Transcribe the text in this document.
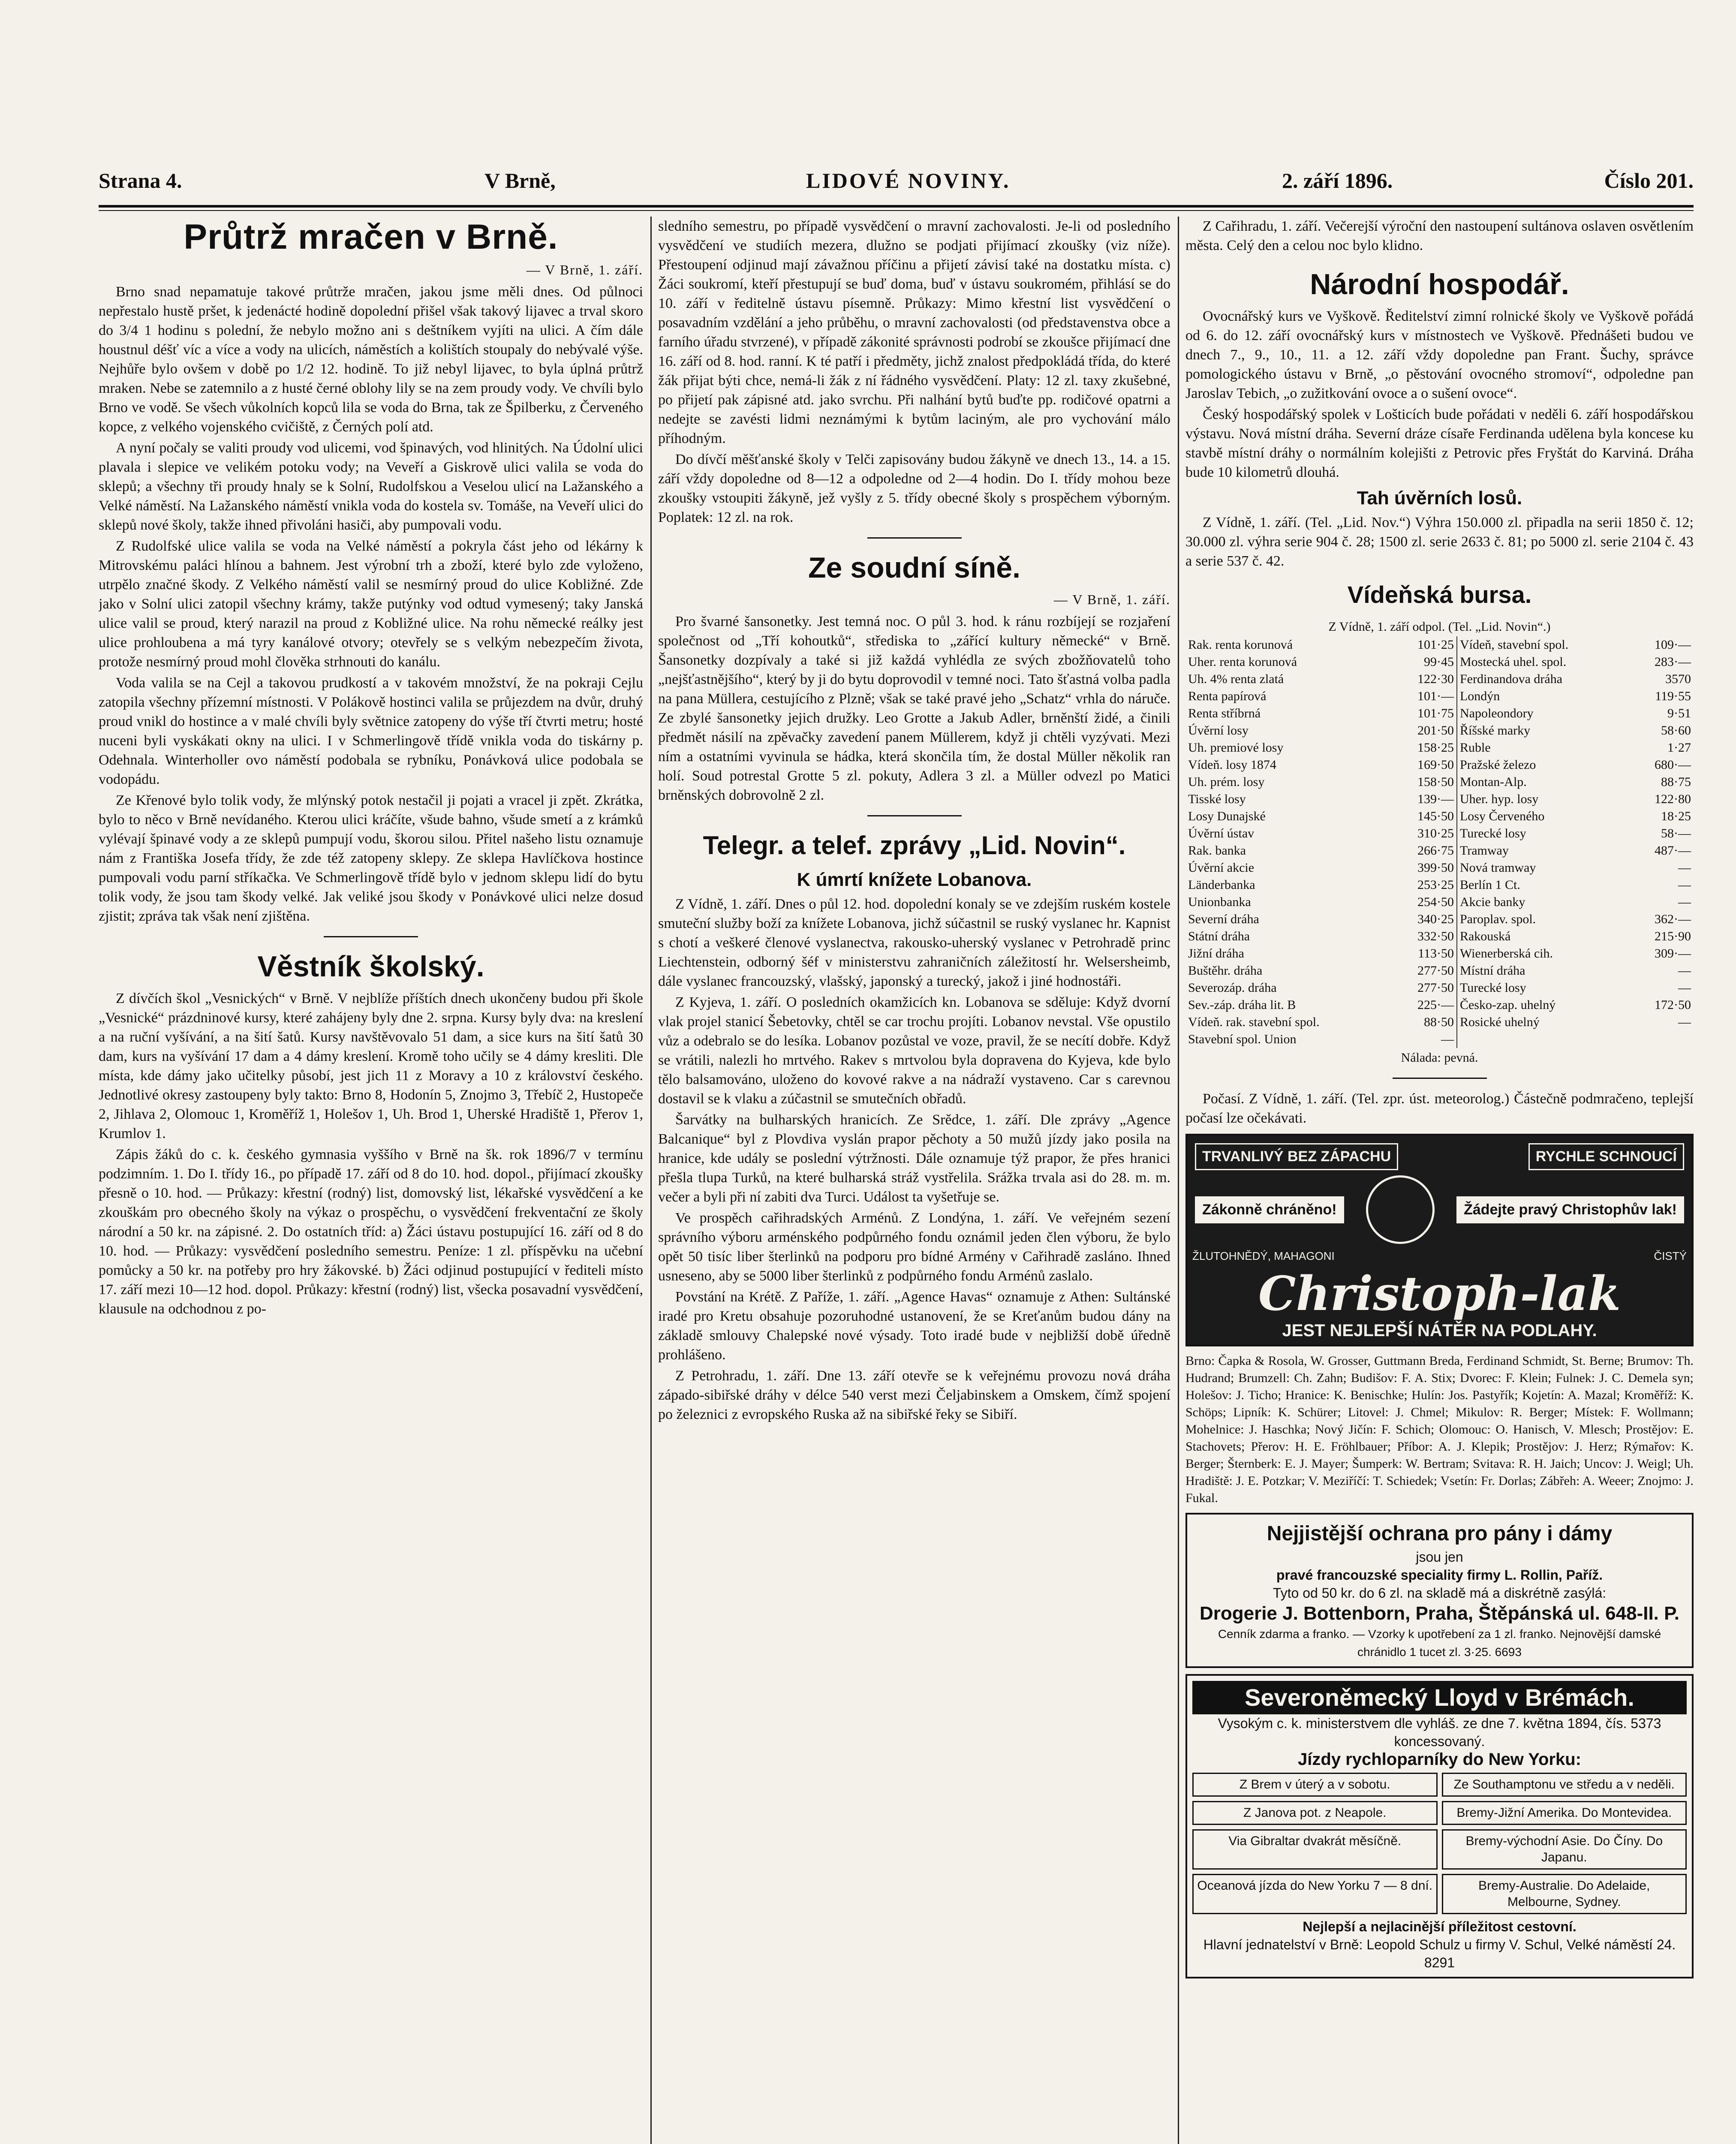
Strana 4.	V Brně,	LIDOVÉ NOVINY.	2. září 1896.	Číslo 201.
Průtrž mračen v Brně.
— V Brně, 1. září.

Brno snad nepamatuje takové průtrže mračen, jakou jsme měli dnes. Od půlnoci nepřestalo hustě pršet, k jedenácté hodině dopolední přišel však takový lijavec a trval skoro do 3/4 1 hodinu s polední, že nebylo možno ani s deštníkem vyjíti na ulici. A čím dále houstnul déšť víc a více a vody na ulicích, náměstích a kolištích stoupaly do nebývalé výše. Nejhůře bylo ovšem v době po 1/2 12. hodině. To již nebyl lijavec, to byla úplná průtrž mraken. Nebe se zatemnilo a z husté černé oblohy lily se na zem proudy vody. Ve chvíli bylo Brno ve vodě. Se všech vůkolních kopců lila se voda do Brna, tak ze Špilberku, z Červeného kopce, z velkého vojenského cvičiště, z Černých polí atd.

A nyní počaly se valiti proudy vod ulicemi, vod špinavých, vod hlinitých. Na Údolní ulici plavala i slepice ve velikém potoku vody; na Veveří a Giskrově ulici valila se voda do sklepů; a všechny tři proudy hnaly se k Solní, Rudolfskou a Veselou ulicí na Lažanského a Velké náměstí. Na Lažanského náměstí vnikla voda do kostela sv. Tomáše, na Veveří ulici do sklepů nové školy, takže ihned přivoláni hasiči, aby pumpovali vodu.

Z Rudolfské ulice valila se voda na Velké náměstí a pokryla část jeho od lékárny k Mitrovskému paláci hlínou a bahnem. Jest výrobní trh a zboží, které bylo zde vyloženo, utrpělo značné škody. Z Velkého náměstí valil se nesmírný proud do ulice Kobližné. Zde jako v Solní ulici zatopil všechny krámy, takže putýnky vod odtud vymesený; taky Janská ulice valil se proud, který narazil na proud z Kobližné ulice. Na rohu německé reálky jest ulice prohloubena a má tyry kanálové otvory; otevřely se s velkým nebezpečím života, protože nesmírný proud mohl člověka strhnouti do kanálu.

Voda valila se na Cejl a takovou prudkostí a v takovém množství, že na pokraji Cejlu zatopila všechny přízemní místnosti. V Polákově hostinci valila se průjezdem na dvůr, druhý proud vnikl do hostince a v malé chvíli byly světnice zatopeny do výše tří čtvrti metru; hosté nuceni byli vyskákati okny na ulici. I v Schmerlingově třídě vnikla voda do tiskárny p. Odehnala. Winterholler ovo náměstí podobala se rybníku, Ponávková ulice podobala se vodopádu.

Ze Křenové bylo tolik vody, že mlýnský potok nestačil ji pojati a vracel ji zpět. Zkrátka, bylo to něco v Brně nevídaného. Kterou ulici kráčíte, všude bahno, všude smetí a z krámků vylévají špinavé vody a ze sklepů pumpují vodu, škorou silou. Přitel našeho listu oznamuje nám z Františka Josefa třídy, že zde též zatopeny sklepy. Ze sklepa Havlíčkova hostince pumpovali vodu parní stříkačka. Ve Schmerlingově třídě bylo v jednom sklepu lidí do bytu tolik vody, že jsou tam škody velké. Jak veliké jsou škody v Ponávkové ulici nelze dosud zjistit; zpráva tak však není zjištěna.

Věstník školský.

Z dívčích škol „Vesnických“ v Brně. V nejblíže příštích dnech ukončeny budou při škole „Vesnické“ prázdninové kursy, které zahájeny byly dne 2. srpna. Kursy byly dva: na kreslení a na ruční vyšívání, a na šití šatů. Kursy navštěvovalo 51 dam, a sice kurs na šití šatů 30 dam, kurs na vyšívání 17 dam a 4 dámy kreslení. Kromě toho učily se 4 dámy kresliti. Dle místa, kde dámy jako učitelky působí, jest jich 11 z Moravy a 10 z království českého. Jednotlivé okresy zastoupeny byly takto: Brno 8, Hodonín 5, Znojmo 3, Třebíč 2, Hustopeče 2, Jihlava 2, Olomouc 1, Kroměříž 1, Holešov 1, Uh. Brod 1, Uherské Hradiště 1, Přerov 1, Krumlov 1.

Zápis žáků do c. k. českého gymnasia vyššího v Brně na šk. rok 1896/7 v termínu podzimním. 1. Do I. třídy 16., po případě 17. září od 8 do 10. hod. dopol., přijímací zkoušky přesně o 10. hod. — Průkazy: křestní (rodný) list, domovský list, lékařské vysvědčení a ke zkouškám pro obecného školy na výkaz o prospěchu, o vysvědčení frekventační ze školy národní a 50 kr. na zápisné. 2. Do ostatních tříd: a) Žáci ústavu postupující 16. září od 8 do 10. hod. — Průkazy: vysvědčení posledního semestru. Peníze: 1 zl. příspěvku na učební pomůcky a 50 kr. na potřeby pro hry žákovské. b) Žáci odjinud postupující v řediteli místo 17. září mezi 10—12 hod. dopol. Průkazy: křestní (rodný) list, všecka posavadní vysvědčení, klausule na odchodnou z po-

sledního semestru, po případě vysvědčení o mravní zachovalosti. Je-li od posledního vysvědčení ve studiích mezera, dlužno se podjati přijímací zkoušky (viz níže). Přestoupení odjinud mají závažnou příčinu a přijetí závisí také na dostatku místa. c) Žáci soukromí, kteří přestupují se buď doma, buď v ústavu soukromém, přihlásí se do 10. září v ředitelně ústavu písemně. Průkazy: Mimo křestní list vysvědčení o posavadním vzdělání a jeho průběhu, o mravní zachovalosti (od představenstva obce a farního úřadu stvrzené), v případě zákonité správnosti podrobí se zkoušce přijímací dne 16. září od 8. hod. ranní. K té patří i předměty, jichž znalost předpokládá třída, do které žák přijat býti chce, nemá-li žák z ní řádného vysvědčení. Platy: 12 zl. taxy zkušebné, po přijetí pak zápisné atd. jako svrchu. Při nalhání bytů buďte pp. rodičové opatrni a nedejte se zavésti lidmi neznámými k bytům laciným, ale pro vychování málo příhodným.

Do dívčí měšťanské školy v Telči zapisovány budou žákyně ve dnech 13., 14. a 15. září vždy dopoledne od 8—12 a odpoledne od 2—4 hodin. Do I. třídy mohou beze zkoušky vstoupiti žákyně, jež vyšly z 5. třídy obecné školy s prospěchem výborným. Poplatek: 12 zl. na rok.

Ze soudní síně.
— V Brně, 1. září.

Pro švarné šansonetky. Jest temná noc. O půl 3. hod. k ránu rozbíjejí se rozjaření společnost od „Tří kohoutků“, střediska to „zářící kultury německé“ v Brně. Šansonetky dozpívaly a také si již každá vyhlédla ze svých zbožňovatelů toho „nejšťastnějšího“, který by ji do bytu doprovodil v temné noci. Tato šťastná volba padla na pana Müllera, cestujícího z Plzně; však se také pravé jeho „Schatz“ vrhla do náruče. Ze zbylé šansonetky jejich družky. Leo Grotte a Jakub Adler, brněnští židé, a činili předmět násilí na zpěvačky zavedení panem Müllerem, když ji chtěli vyzývati. Mezi ním a ostatními vyvinula se hádka, která skončila tím, že dostal Müller několik ran holí. Soud potrestal Grotte 5 zl. pokuty, Adlera 3 zl. a Müller odvezl po Matici brněnských dobrovolně 2 zl.

Telegr. a telef. zprávy „Lid. Novin“.
K úmrtí knížete Lobanova.

Z Vídně, 1. září. Dnes o půl 12. hod. dopolední konaly se ve zdejším ruském kostele smuteční služby boží za knížete Lobanova, jichž súčastnil se ruský vyslanec hr. Kapnist s chotí a veškeré členové vyslanectva, rakousko-uherský vyslanec v Petrohradě princ Liechtenstein, odborný šéf v ministerstvu zahraničních záležitostí hr. Welsersheimb, dále vyslanec francouzský, vlašský, japonský a turecký, jakož i jiné hodnostáři.

Z Kyjeva, 1. září. O posledních okamžicích kn. Lobanova se sděluje: Když dvorní vlak projel stanicí Šebetovky, chtěl se car trochu projíti. Lobanov nevstal. Vše opustilo vůz a odebralo se do lesíka. Lobanov pozůstal ve voze, pravil, že se necítí dobře. Když se vrátili, nalezli ho mrtvého. Rakev s mrtvolou byla dopravena do Kyjeva, kde bylo tělo balsamováno, uloženo do kovové rakve a na nádraží vystaveno. Car s carevnou dostavil se k vlaku a zúčastnil se smutečních obřadů.

Šarvátky na bulharských hranicích. Ze Srědce, 1. září. Dle zprávy „Agence Balcanique“ byl z Plovdiva vyslán prapor pěchoty a 50 mužů jízdy jako posila na hranice, kde udály se poslední výtržnosti. Dále oznamuje týž prapor, že přes hranici přešla tlupa Turků, na které bulharská stráž vystřelila. Srážka trvala asi do 28. m. m. večer a byli při ní zabiti dva Turci. Událost ta vyšetřuje se.

Ve prospěch cařihradských Arménů. Z Londýna, 1. září. Ve veřejném sezení správního výboru arménského podpůrného fondu oznámil jeden člen výboru, že bylo opět 50 tisíc liber šterlinků na podporu pro bídné Armény v Cařihradě zasláno. Ihned usneseno, aby se 5000 liber šterlinků z podpůrného fondu Arménů zaslalo.

Povstání na Krétě. Z Paříže, 1. září. „Agence Havas“ oznamuje z Athen: Sultánské iradé pro Kretu obsahuje pozoruhodné ustanovení, že se Kreťanům budou dány na základě smlouvy Chalepské nové výsady. Toto iradé bude v nejbližší době úředně prohlášeno.

Z Petrohradu, 1. září. Dne 13. září otevře se k veřejnému provozu nová dráha západo-sibiřské dráhy v délce 540 verst mezi Čeljabinskem a Omskem, čímž spojení po železnici z evropského Ruska až na sibiřské řeky se Sibiří.

Z Cařihradu, 1. září. Večerejší výroční den nastoupení sultánova oslaven osvětlením města. Celý den a celou noc bylo klidno.

Národní hospodář.

Ovocnářský kurs ve Vyškově. Ředitelství zimní rolnické školy ve Vyškově pořádá od 6. do 12. září ovocnářský kurs v místnostech ve Vyškově. Přednášeti budou ve dnech 7., 9., 10., 11. a 12. září vždy dopoledne pan Frant. Šuchy, správce pomologického ústavu v Brně, „o pěstování ovocného stromoví“, odpoledne pan Jaroslav Tebich, „o zužitkování ovoce a o sušení ovoce“.

Český hospodářský spolek v Lošticích bude pořádati v neděli 6. září hospodářskou výstavu. Nová místní dráha. Severní dráze císaře Ferdinanda udělena byla koncese ku stavbě místní dráhy o normálním kolejišti z Petrovic přes Fryštát do Karviná. Dráha bude 10 kilometrů dlouhá.

Tah úvěrních losů.

Z Vídně, 1. září. (Tel. „Lid. Nov.“) Výhra 150.000 zl. připadla na serii 1850 č. 12; 30.000 zl. výhra serie 904 č. 28; 1500 zl. serie 2633 č. 81; po 5000 zl. serie 2104 č. 43 a serie 537 č. 42.

Vídeňská bursa.
Z Vídně, 1. září odpol. (Tel. „Lid. Novin“.)
Rak. renta korunová	101·25	Vídeň, stavební spol.	109·—
Uher. renta korunová	99·45	Mostecká uhel. spol.	283·—
Uh. 4% renta zlatá	122·30	Ferdinandova dráha	3570
Renta papírová	101·—	Londýn	119·55
Renta stříbrná	101·75	Napoleondory	9·51
Úvěrní losy	201·50	Říšské marky	58·60
Uh. premiové losy	158·25	Ruble	1·27
Vídeň. losy 1874	169·50	Pražské železo	680·—
Uh. prém. losy	158·50	Montan-Alp.	88·75
Tisské losy	139·—	Uher. hyp. losy	122·80
Losy Dunajské	145·50	Losy Červeného	18·25
Úvěrní ústav	310·25	Turecké losy	58·—
Rak. banka	266·75	Tramway	487·—
Úvěrní akcie	399·50	Nová tramway	—
Länderbanka	253·25	Berlín 1 Ct.	—
Unionbanka	254·50	Akcie banky	—
Severní dráha	340·25	Paroplav. spol.	362·—
Státní dráha	332·50	Rakouská	215·90
Jižní dráha	113·50	Wienerberská cih.	309·—
Buštěhr. dráha	277·50	Místní dráha	—
Severozáp. dráha	277·50	Turecké losy	—
Sev.-záp. dráha lit. B	225·—	Česko-zap. uhelný	172·50
Vídeň. rak. stavební spol.	88·50	Rosické uhelný	—
Stavební spol. Union	—		
Nálada: pevná.

Počasí. Z Vídně, 1. září. (Tel. zpr. úst. meteorolog.) Částečně podmračeno, teplejší počasí lze očekávati.

TRVANLIVÝ BEZ ZÁPACHU	RYCHLE SCHNOUCÍ
Zákonně chráněno!	Žádejte pravý Christophův lak!
ŽLUTOHNĚDÝ, MAHAGONI	ČISTÝ
Christoph-lak
JEST NEJLEPŠÍ NÁTĚR NA PODLAHY.

Brno: Čapka & Rosola, W. Grosser, Guttmann Breda, Ferdinand Schmidt, St. Berne; Brumov: Th. Hudrand; Brumzell: Ch. Zahn; Budišov: F. A. Stix; Dvorec: F. Klein; Fulnek: J. C. Demela syn; Holešov: J. Ticho; Hranice: K. Benischke; Hulín: Jos. Pastyřík; Kojetín: A. Mazal; Kroměříž: K. Schöps; Lipník: K. Schürer; Litovel: J. Chmel; Mikulov: R. Berger; Místek: F. Wollmann; Mohelnice: J. Haschka; Nový Jičín: F. Schich; Olomouc: O. Hanisch, V. Mlesch; Prostějov: E. Stachovets; Přerov: H. E. Fröhlbauer; Příbor: A. J. Klepik; Prostějov: J. Herz; Rýmařov: K. Berger; Šternberk: E. J. Mayer; Šumperk: W. Bertram; Svitava: R. H. Jaich; Uncov: J. Weigl; Uh. Hradiště: J. E. Potzkar; V. Meziříčí: T. Schiedek; Vsetín: Fr. Dorlas; Zábřeh: A. Weeer; Znojmo: J. Fukal.

Nejjistější ochrana pro pány i dámy
jsou jen
pravé francouzské speciality firmy L. Rollin, Paříž.
Tyto od 50 kr. do 6 zl. na skladě má a diskrétně zasýlá:
Drogerie J. Bottenborn, Praha, Štěpánská ul. 648-II. P.
Cenník zdarma a franko. — Vzorky k upotřebení za 1 zl. franko. Nejnovější damské chránidlo 1 tucet zl. 3·25. 6693
Severoněmecký Lloyd v Brémách.
Vysokým c. k. ministerstvem dle vyhláš. ze dne 7. května 1894, čís. 5373 koncessovaný.
Jízdy rychloparníky do New Yorku:
Z Brem v úterý a v sobotu.	Ze Southamptonu ve středu a v neděli.
Z Janova pot. z Neapole.	Bremy-Jižní Amerika. Do Montevidea.
Via Gibraltar dvakrát měsíčně.	Bremy-východní Asie. Do Číny. Do Japanu.
Oceanová jízda do New Yorku 7 — 8 dní.	Bremy-Australie. Do Adelaide, Melbourne, Sydney.
Nejlepší a nejlacinější příležitost cestovní.
Hlavní jednatelství v Brně: Leopold Schulz u firmy V. Schul, Velké náměstí 24. 8291
